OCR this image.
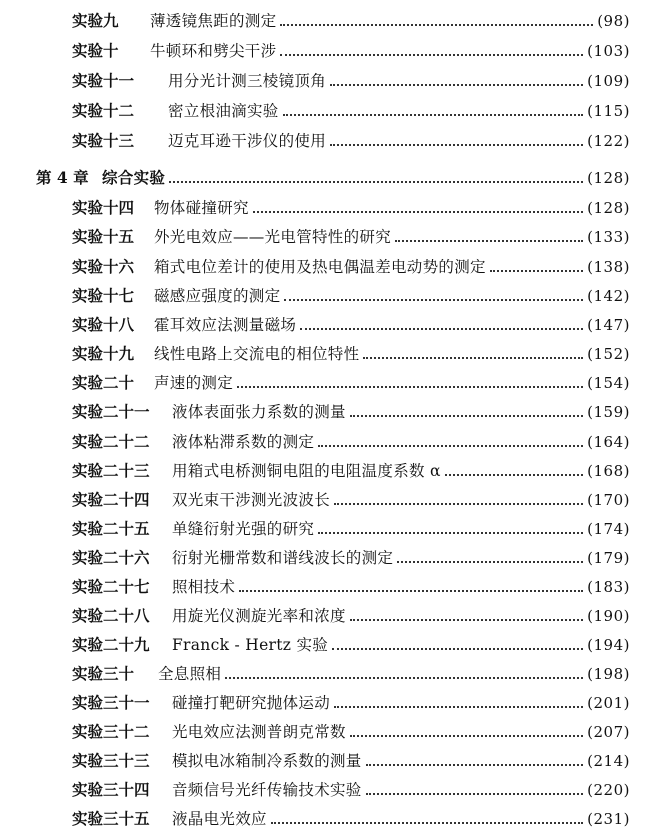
实验九	薄透镜焦距的测定	(98)
实验十	牛顿环和劈尖干涉	(103)
实验十一	用分光计测三棱镜顶角	(109)
实验十二	密立根油滴实验	(115)
实验十三	迈克耳逊干涉仪的使用	(122)
第 4 章 综合实验	(128)
实验十四	物体碰撞研究	(128)
实验十五	外光电效应——光电管特性的研究	(133)
实验十六	箱式电位差计的使用及热电偶温差电动势的测定	(138)
实验十七	磁感应强度的测定	(142)
实验十八	霍耳效应法测量磁场	(147)
实验十九	线性电路上交流电的相位特性	(152)
实验二十	声速的测定	(154)
实验二十一	液体表面张力系数的测量	(159)
实验二十二	液体粘滞系数的测定	(164)
实验二十三	用箱式电桥测铜电阻的电阻温度系数 α	(168)
实验二十四	双光束干涉测光波波长	(170)
实验二十五	单缝衍射光强的研究	(174)
实验二十六	衍射光栅常数和谱线波长的测定	(179)
实验二十七	照相技术	(183)
实验二十八	用旋光仪测旋光率和浓度	(190)
实验二十九	Franck - Hertz 实验	(194)
实验三十	全息照相	(198)
实验三十一	碰撞打靶研究抛体运动	(201)
实验三十二	光电效应法测普朗克常数	(207)
实验三十三	模拟电冰箱制冷系数的测量	(214)
实验三十四	音频信号光纤传输技术实验	(220)
实验三十五	液晶电光效应	(231)
